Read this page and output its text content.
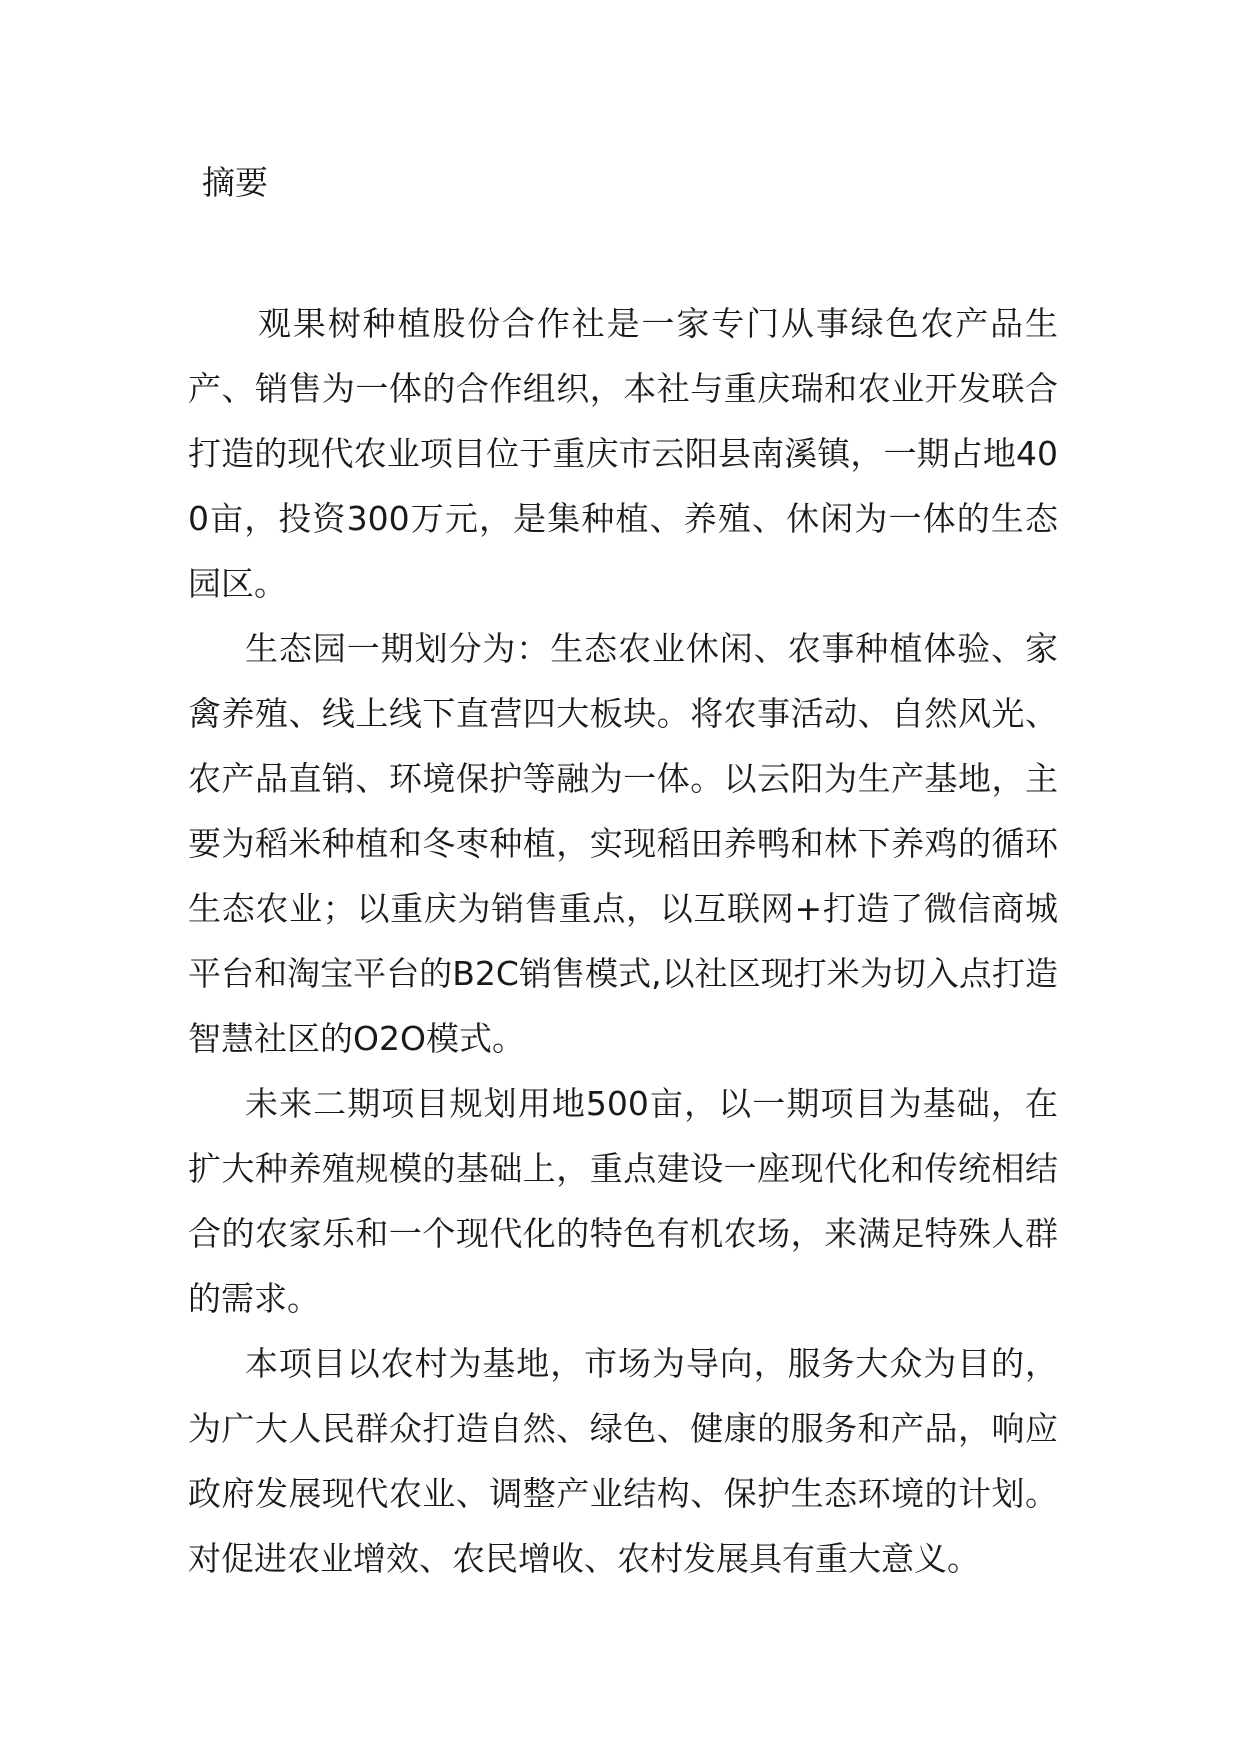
摘要

观果树种植股份合作社是一家专门从事绿色农产品生产、销售为一体的合作组织，本社与重庆瑞和农业开发联合打造的现代农业项目位于重庆市云阳县南溪镇，一期占地400亩，投资300万元，是集种植、养殖、休闲为一体的生态园区。

生态园一期划分为：生态农业休闲、农事种植体验、家禽养殖、线上线下直营四大板块。将农事活动、自然风光、农产品直销、环境保护等融为一体。以云阳为生产基地，主要为稻米种植和冬枣种植，实现稻田养鸭和林下养鸡的循环生态农业；以重庆为销售重点，以互联网+打造了微信商城平台和淘宝平台的B2C销售模式,以社区现打米为切入点打造智慧社区的O2O模式。

未来二期项目规划用地500亩，以一期项目为基础，在扩大种养殖规模的基础上，重点建设一座现代化和传统相结合的农家乐和一个现代化的特色有机农场，来满足特殊人群的需求。

本项目以农村为基地，市场为导向，服务大众为目的，为广大人民群众打造自然、绿色、健康的服务和产品，响应政府发展现代农业、调整产业结构、保护生态环境的计划。对促进农业增效、农民增收、农村发展具有重大意义。
